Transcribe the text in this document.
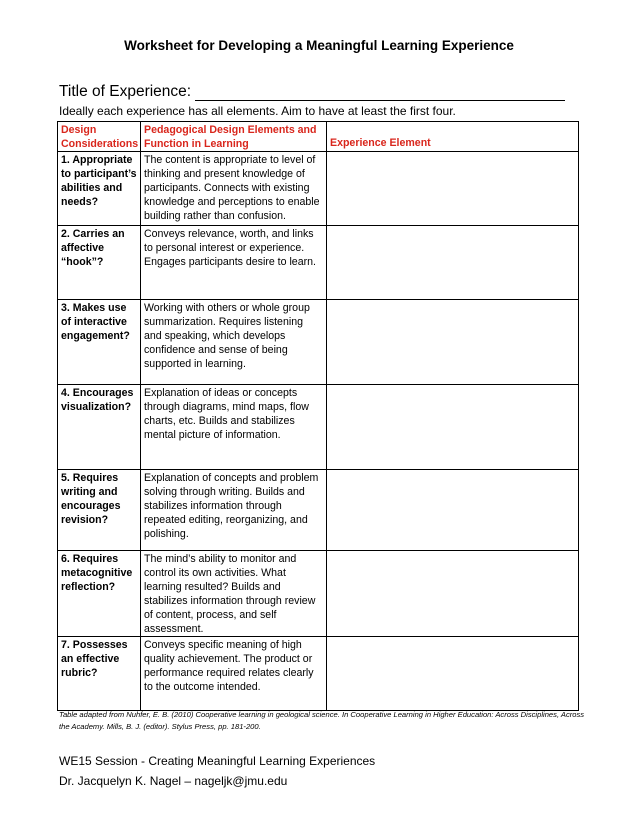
Worksheet for Developing a Meaningful Learning Experience
Title of Experience:
Ideally each experience has all elements. Aim to have at least the first four.
Design Considerations	Pedagogical Design Elements and Function in Learning	Experience Element
1. Appropriate to participant’s abilities and needs?	The content is appropriate to level of thinking and present knowledge of participants. Connects with existing knowledge and perceptions to enable building rather than confusion.	
2. Carries an affective “hook”?	Conveys relevance, worth, and links to personal interest or experience. Engages participants desire to learn.	
3. Makes use of interactive engagement?	Working with others or whole group summarization. Requires listening and speaking, which develops confidence and sense of being supported in learning.	
4. Encourages visualization?	Explanation of ideas or concepts through diagrams, mind maps, flow charts, etc. Builds and stabilizes mental picture of information.	
5. Requires writing and encourages revision?	Explanation of concepts and problem solving through writing. Builds and stabilizes information through repeated editing, reorganizing, and polishing.	
6. Requires metacognitive reflection?	The mind’s ability to monitor and control its own activities. What learning resulted? Builds and stabilizes information through review of content, process, and self assessment.	
7. Possesses an effective rubric?	Conveys specific meaning of high quality achievement. The product or performance required relates clearly to the outcome intended.	
Table adapted from Nuhfer, E. B. (2010) Cooperative learning in geological science. In Cooperative Learning in Higher Education: Across Disciplines, Across the Academy. Mills, B. J. (editor). Stylus Press, pp. 181-200.
WE15 Session - Creating Meaningful Learning Experiences
Dr. Jacquelyn K. Nagel – nageljk@jmu.edu
